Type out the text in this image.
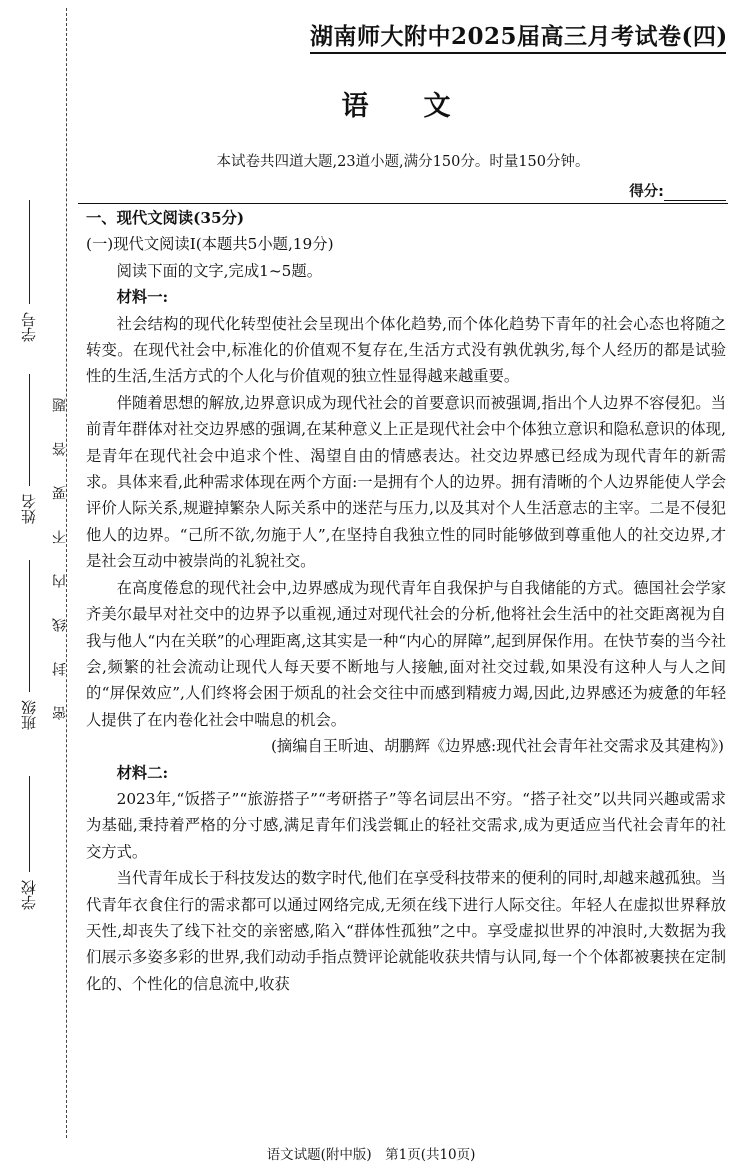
学号
姓名
班级
学校
题
答
要
不
内
线
封
密
湖南师大附中2025届高三月考试卷(四)
语　文
本试卷共四道大题,23道小题,满分150分。时量150分钟。
得分:

一、现代文阅读(35分)

(一)现代文阅读Ⅰ(本题共5小题,19分)

阅读下面的文字,完成1~5题。

材料一:

社会结构的现代化转型使社会呈现出个体化趋势,而个体化趋势下青年的社会心态也将随之转变。在现代社会中,标准化的价值观不复存在,生活方式没有孰优孰劣,每个人经历的都是试验性的生活,生活方式的个人化与价值观的独立性显得越来越重要。

伴随着思想的解放,边界意识成为现代社会的首要意识而被强调,指出个人边界不容侵犯。当前青年群体对社交边界感的强调,在某种意义上正是现代社会中个体独立意识和隐私意识的体现,是青年在现代社会中追求个性、渴望自由的情感表达。社交边界感已经成为现代青年的新需求。具体来看,此种需求体现在两个方面:一是拥有个人的边界。拥有清晰的个人边界能使人学会评价人际关系,规避掉繁杂人际关系中的迷茫与压力,以及其对个人生活意志的主宰。二是不侵犯他人的边界。“己所不欲,勿施于人”,在坚持自我独立性的同时能够做到尊重他人的社交边界,才是社会互动中被崇尚的礼貌社交。

在高度倦怠的现代社会中,边界感成为现代青年自我保护与自我储能的方式。德国社会学家齐美尔最早对社交中的边界予以重视,通过对现代社会的分析,他将社会生活中的社交距离视为自我与他人“内在关联”的心理距离,这其实是一种“内心的屏障”,起到屏保作用。在快节奏的当今社会,频繁的社会流动让现代人每天要不断地与人接触,面对社交过载,如果没有这种人与人之间的“屏保效应”,人们终将会困于烦乱的社会交往中而感到精疲力竭,因此,边界感还为疲惫的年轻人提供了在内卷化社会中喘息的机会。

(摘编自王昕迪、胡鹏辉《边界感:现代社会青年社交需求及其建构》)

材料二:

2023年,“饭搭子”“旅游搭子”“考研搭子”等名词层出不穷。“搭子社交”以共同兴趣或需求为基础,秉持着严格的分寸感,满足青年们浅尝辄止的轻社交需求,成为更适应当代社会青年的社交方式。

当代青年成长于科技发达的数字时代,他们在享受科技带来的便利的同时,却越来越孤独。当代青年衣食住行的需求都可以通过网络完成,无须在线下进行人际交往。年轻人在虚拟世界释放天性,却丧失了线下社交的亲密感,陷入“群体性孤独”之中。享受虚拟世界的冲浪时,大数据为我们展示多姿多彩的世界,我们动动手指点赞评论就能收获共情与认同,每一个个体都被裹挟在定制化的、个性化的信息流中,收获

语文试题(附中版)　第1页(共10页)
